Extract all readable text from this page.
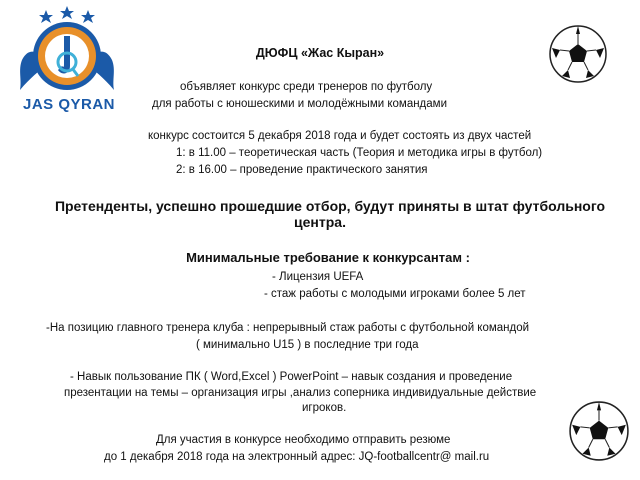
JAS QYRAN
ДЮФЦ «Жас Кыран»
объявляет конкурс среди тренеров по футболу
для работы с юношескими и молодёжными командами
конкурс состоится 5 декабря 2018 года и будет состоять из двух частей
1: в 11.00 – теоретическая часть (Теория и методика игры в футбол)
2: в 16.00 – проведение практического занятия
Претенденты, успешно прошедшие отбор, будут приняты в штат футбольного
центра.
Минимальные требование к конкурсантам :
- Лицензия UEFA
- стаж работы с молодыми игроками более 5 лет
-На позицию главного тренера клуба : непрерывный стаж работы с футбольной командой
( минимально U15 ) в последние три года
- Навык пользование ПК ( Word,Excel ) PowerPoint – навык создания и проведение
презентации на темы – организация игры ,анализ соперника индивидуальные действие
игроков.
Для участия в конкурсе необходимо отправить резюме
до 1 декабря 2018 года на электронный адрес: JQ-footballcentr@ mail.ru
